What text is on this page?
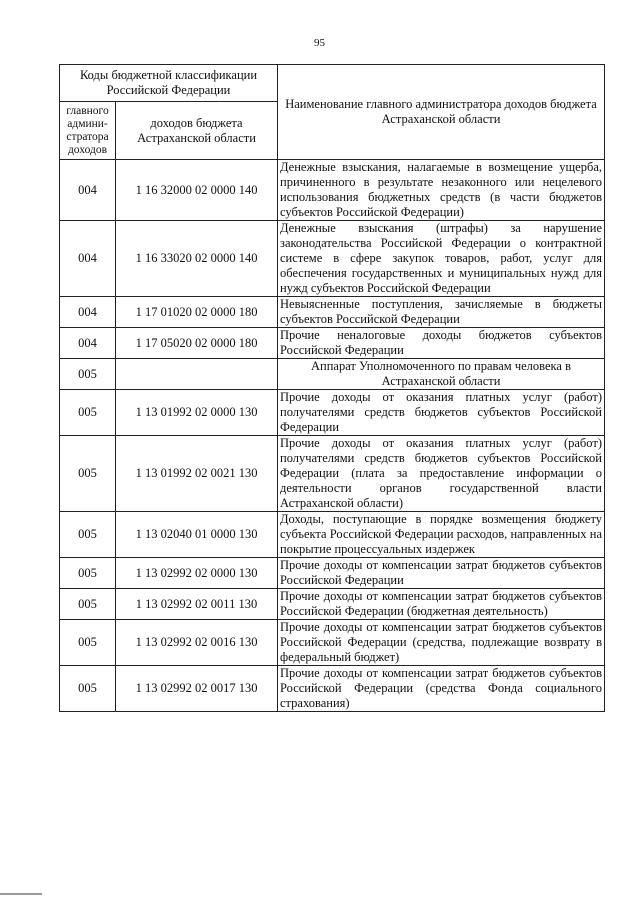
95
Коды бюджетной классификации Российской Федерации		Наименование главного администратора доходов бюджета Астраханской области
главного админи-стратора доходов	доходов бюджета Астраханской области	
004	1 16 32000 02 0000 140	Денежные взыскания, налагаемые в возмещение ущерба, причиненного в результате незаконного или нецелевого использования бюджетных средств (в части бюджетов субъектов Российской Федерации)
004	1 16 33020 02 0000 140	Денежные взыскания (штрафы) за нарушение законодательства Российской Федерации о контрактной системе в сфере закупок товаров, работ, услуг для обеспечения государственных и муниципальных нужд для нужд субъектов Российской Федерации
004	1 17 01020 02 0000 180	Невыясненные поступления, зачисляемые в бюджеты субъектов Российской Федерации
004	1 17 05020 02 0000 180	Прочие неналоговые доходы бюджетов субъектов Российской Федерации
005		Аппарат Уполномоченного по правам человека в Астраханской области
005	1 13 01992 02 0000 130	Прочие доходы от оказания платных услуг (работ) получателями средств бюджетов субъектов Российской Федерации
005	1 13 01992 02 0021 130	Прочие доходы от оказания платных услуг (работ) получателями средств бюджетов субъектов Российской Федерации (плата за предоставление информации о деятельности органов государственной власти Астраханской области)
005	1 13 02040 01 0000 130	Доходы, поступающие в порядке возмещения бюджету субъекта Российской Федерации расходов, направленных на покрытие процессуальных издержек
005	1 13 02992 02 0000 130	Прочие доходы от компенсации затрат бюджетов субъектов Российской Федерации
005	1 13 02992 02 0011 130	Прочие доходы от компенсации затрат бюджетов субъектов Российской Федерации (бюджетная деятельность)
005	1 13 02992 02 0016 130	Прочие доходы от компенсации затрат бюджетов субъектов Российской Федерации (средства, подлежащие возврату в федеральный бюджет)
005	1 13 02992 02 0017 130	Прочие доходы от компенсации затрат бюджетов субъектов Российской Федерации (средства Фонда социального страхования)
